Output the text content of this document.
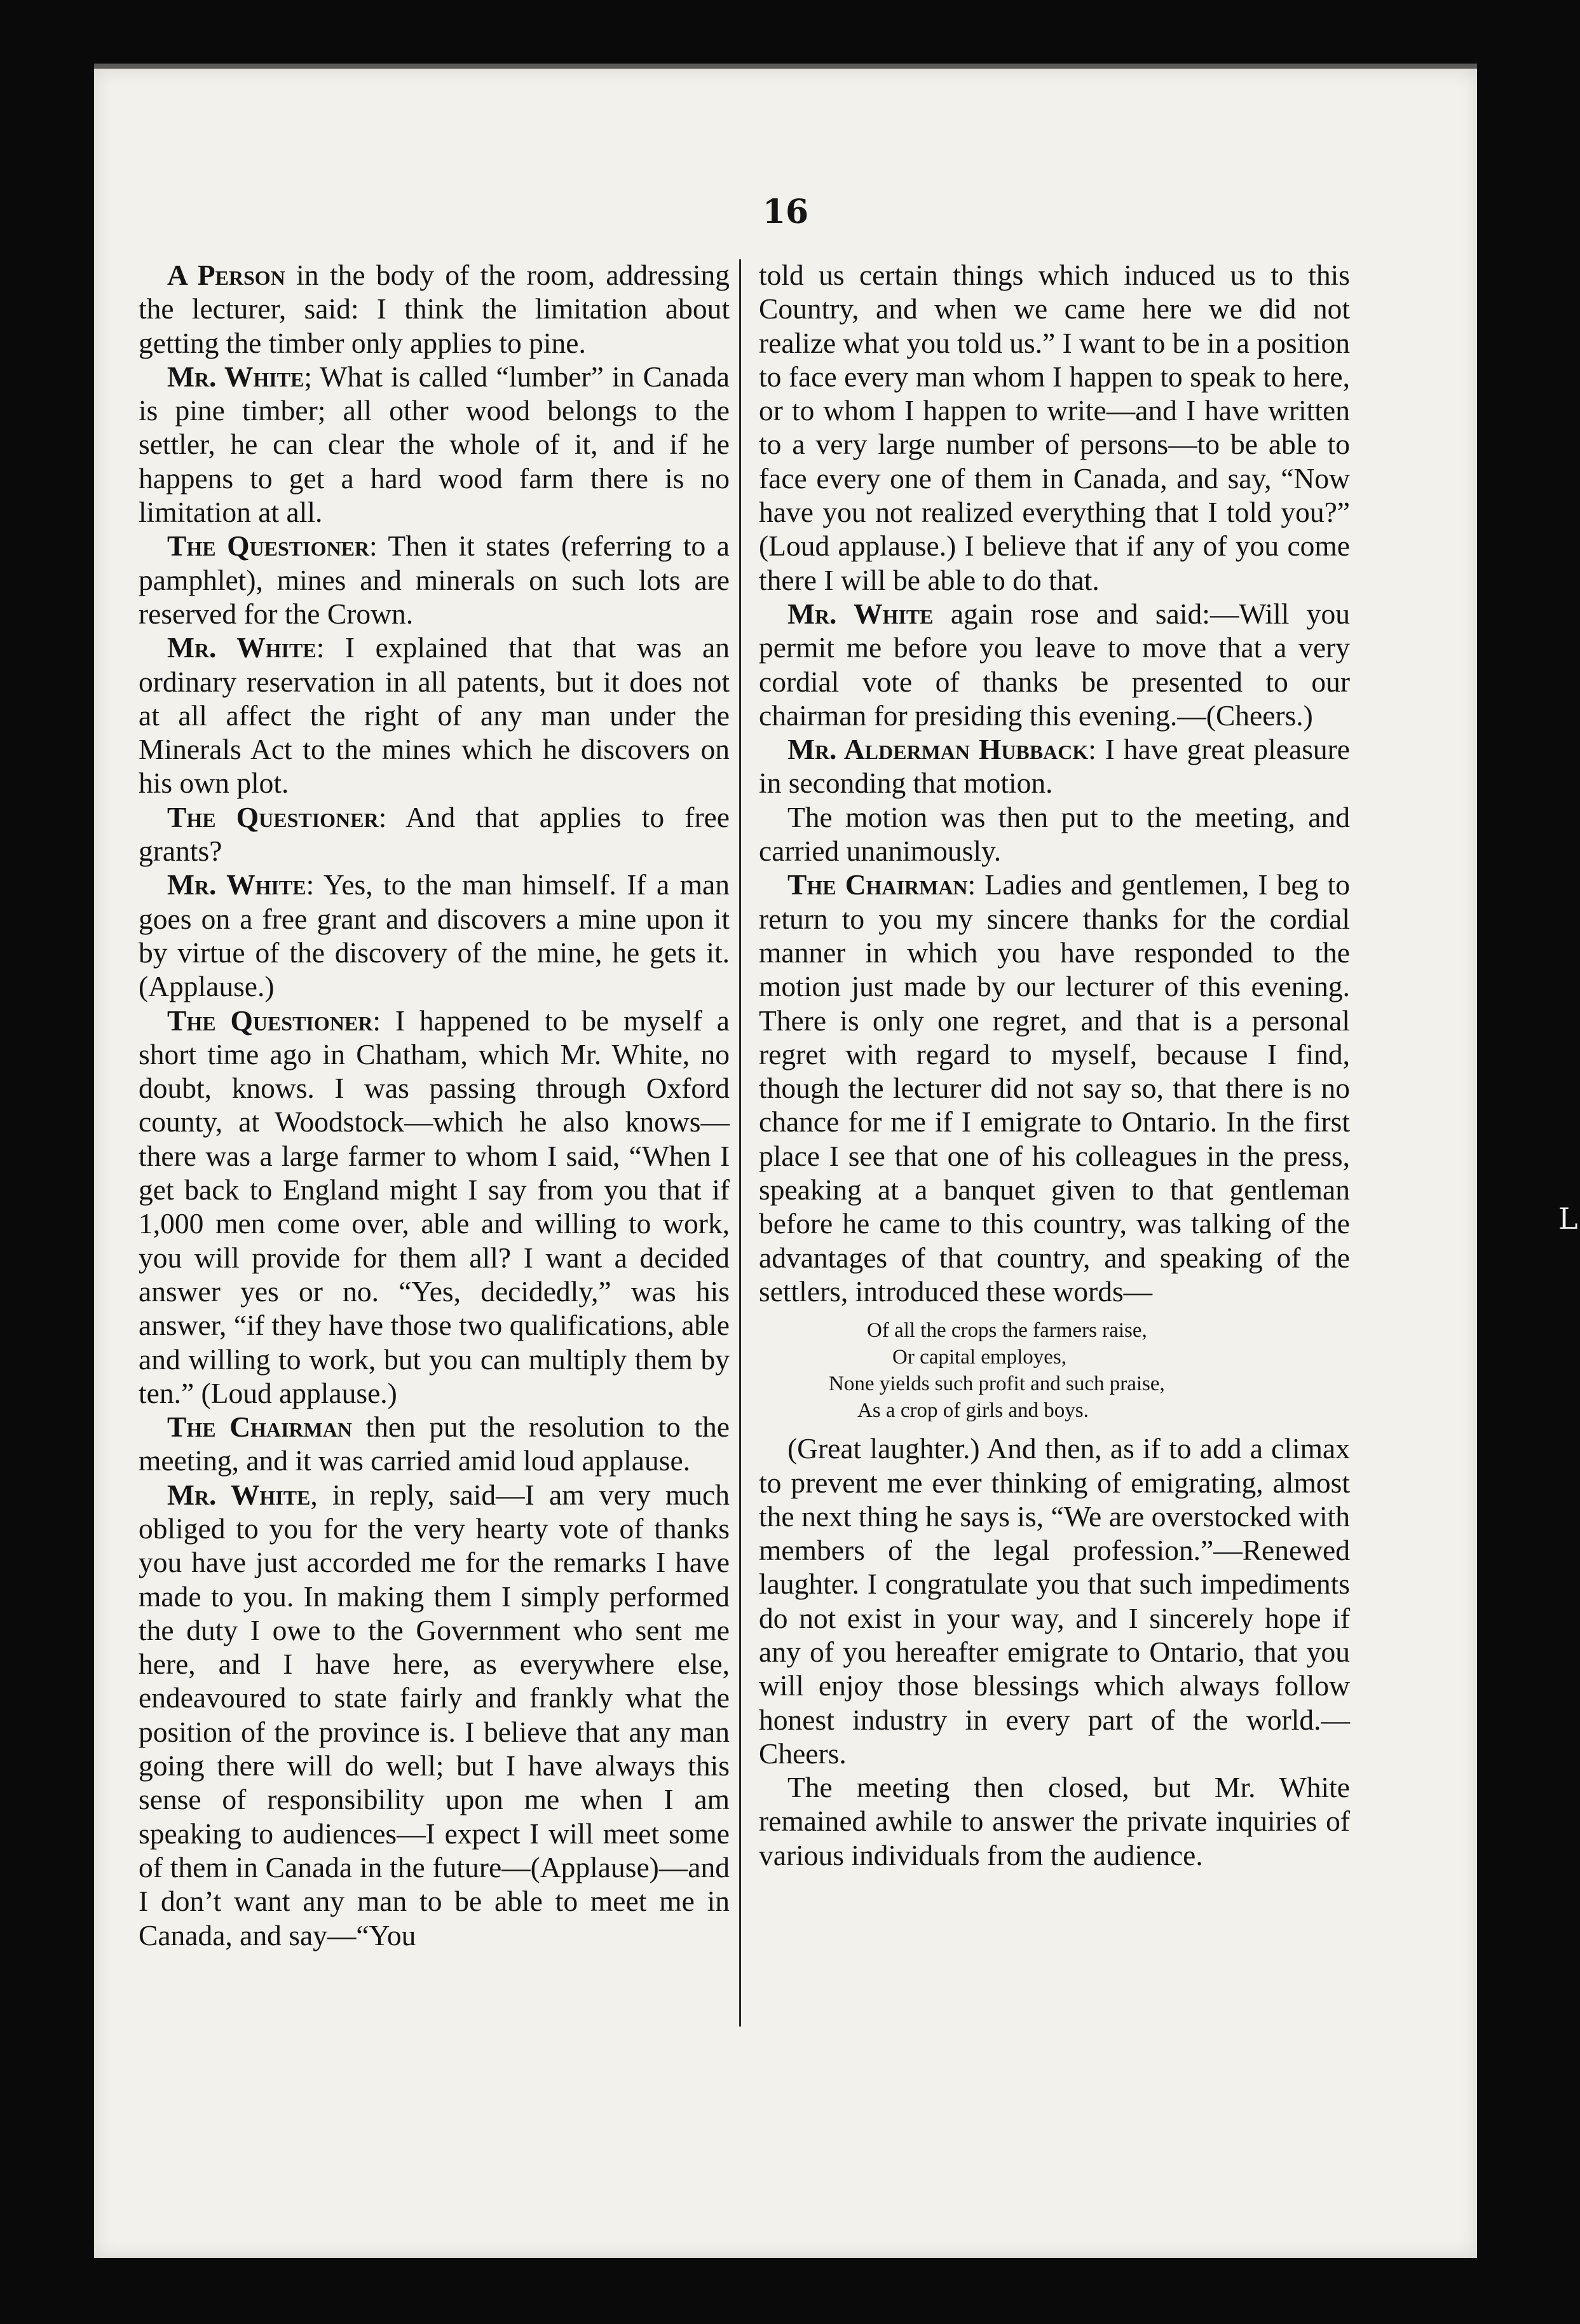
16

A Person in the body of the room, addressing the lecturer, said: I think the limitation about getting the timber only applies to pine.

Mr. White; What is called “lumber” in Canada is pine timber; all other wood belongs to the settler, he can clear the whole of it, and if he happens to get a hard wood farm there is no limitation at all.

The Questioner: Then it states (referring to a pamphlet), mines and minerals on such lots are reserved for the Crown.

Mr. White: I explained that that was an ordinary reservation in all patents, but it does not at all affect the right of any man under the Minerals Act to the mines which he discovers on his own plot.

The Questioner: And that applies to free grants?

Mr. White: Yes, to the man himself. If a man goes on a free grant and discovers a mine upon it by virtue of the discovery of the mine, he gets it. (Applause.)

The Questioner: I happened to be myself a short time ago in Chatham, which Mr. White, no doubt, knows. I was passing through Oxford county, at Woodstock—which he also knows—there was a large farmer to whom I said, “When I get back to England might I say from you that if 1,000 men come over, able and willing to work, you will provide for them all? I want a decided answer yes or no. “Yes, decidedly,” was his answer, “if they have those two qualifications, able and willing to work, but you can multiply them by ten.” (Loud applause.)

The Chairman then put the resolution to the meeting, and it was carried amid loud applause.

Mr. White, in reply, said—I am very much obliged to you for the very hearty vote of thanks you have just accorded me for the remarks I have made to you. In making them I simply performed the duty I owe to the Government who sent me here, and I have here, as everywhere else, endeavoured to state fairly and frankly what the position of the province is. I believe that any man going there will do well; but I have always this sense of responsibility upon me when I am speaking to audiences—I expect I will meet some of them in Canada in the future—(Applause)—and I don’t want any man to be able to meet me in Canada, and say—“You

told us certain things which induced us to this Country, and when we came here we did not realize what you told us.” I want to be in a position to face every man whom I happen to speak to here, or to whom I happen to write—and I have written to a very large number of persons—to be able to face every one of them in Canada, and say, “Now have you not realized everything that I told you?” (Loud applause.) I believe that if any of you come there I will be able to do that.

Mr. White again rose and said:—Will you permit me before you leave to move that a very cordial vote of thanks be presented to our chairman for presiding this evening.—(Cheers.)

Mr. Alderman Hubback: I have great pleasure in seconding that motion.

The motion was then put to the meeting, and carried unanimously.

The Chairman: Ladies and gentlemen, I beg to return to you my sincere thanks for the cordial manner in which you have responded to the motion just made by our lecturer of this evening. There is only one regret, and that is a personal regret with regard to myself, because I find, though the lecturer did not say so, that there is no chance for me if I emigrate to Ontario. In the first place I see that one of his colleagues in the press, speaking at a banquet given to that gentleman before he came to this country, was talking of the advantages of that country, and speaking of the settlers, introduced these words—

Of all the crops the farmers raise,
Or capital employes,
None yields such profit and such praise,
As a crop of girls and boys.

(Great laughter.) And then, as if to add a climax to prevent me ever thinking of emigrating, almost the next thing he says is, “We are overstocked with members of the legal profession.”—Renewed laughter. I congratulate you that such impediments do not exist in your way, and I sincerely hope if any of you hereafter emigrate to Ontario, that you will enjoy those blessings which always follow honest industry in every part of the world.—Cheers.

The meeting then closed, but Mr. White remained awhile to answer the private inquiries of various individuals from the audience.

L
